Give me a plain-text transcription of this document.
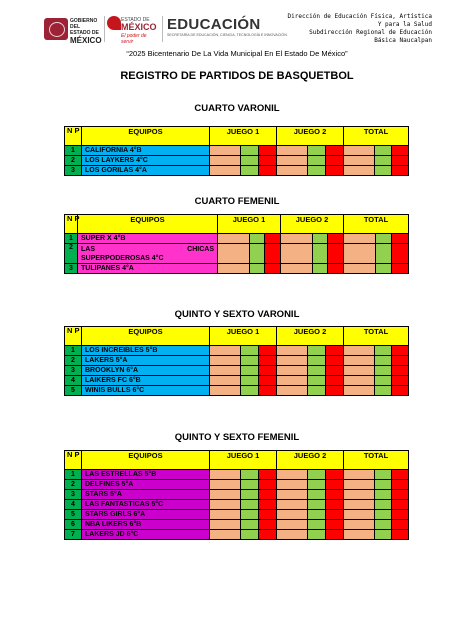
GOBIERNO DEL
ESTADO DE
MÉXICO
ESTADO DE
MÉXICO
El poder de servir
EDUCACIÓN
SECRETARÍA DE EDUCACIÓN, CIENCIA, TECNOLOGÍA E INNOVACIÓN
Dirección de Educación Física, Artística
Y para la Salud
Subdirección Regional de Educación
Básica Naucalpan
“2025 Bicentenario De La Vida Municipal En El Estado De México”
REGISTRO DE PARTIDOS DE BASQUETBOL
CUARTO VARONIL
N P	EQUIPOS	JUEGO 1			JUEGO 2			TOTAL		
1	CALIFORNIA 4°B									
2	LOS LAYKERS 4°C									
3	LOS GORILAS 4°A									
CUARTO FEMENIL
N P	EQUIPOS	JUEGO 1			JUEGO 2			TOTAL		
1	SUPER X 4°B									
2	LAS CHICAS
SUPERPODEROSAS 4°C									

3	TULIPANES 4°A									
QUINTO Y SEXTO VARONIL
N P	EQUIPOS	JUEGO 1			JUEGO 2			TOTAL		
1	LOS INCREIBLES 5°B									
2	LAKERS 5°A									
3	BROOKLYN 6°A									
4	LAIKERS FC 6°B									
5	WINIS BULLS 6°C									
QUINTO Y SEXTO FEMENIL
N P	EQUIPOS	JUEGO 1			JUEGO 2			TOTAL		
1	LAS ESTRELLAS 5°B									
2	DELFINES 5°A									
3	STARS 5°A									
4	LAS FANTASTICAS 5°C									
5	STARS GIRLS 6°A									
6	NBA LIKERS 6°B									
7	LAKERS JD 6°C									
